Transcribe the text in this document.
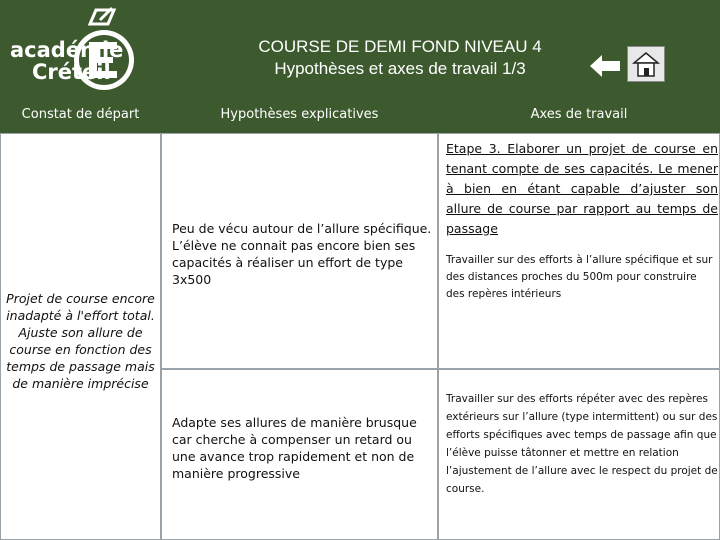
académie
Créteil
COURSE DE DEMI FOND NIVEAU 4
Hypothèses et axes de travail 1/3
Constat de départ	Hypothèses explicatives	Axes de travail
Projet de course encore inadapté à l'effort total. Ajuste son allure de course en fonction des temps de passage mais de manière imprécise
Peu de vécu autour de l’allure spécifique. L’élève ne connait pas encore bien ses capacités à réaliser un effort de type 3x500
Etape 3. Elaborer un projet de course en tenant compte de ses capacités. Le mener à bien en étant capable d’ajuster son allure de course par rapport au temps de passage
Travailler sur des efforts à l’allure spécifique et sur des distances proches du 500m pour construire des repères intérieurs
Adapte ses allures de manière brusque car cherche à compenser un retard ou une avance trop rapidement et non de manière progressive
Travailler sur des efforts répéter avec des repères extérieurs sur l’allure (type intermittent) ou sur des efforts spécifiques avec temps de passage afin que l’élève puisse tâtonner et mettre en relation l’ajustement de l’allure avec le respect du projet de course.
